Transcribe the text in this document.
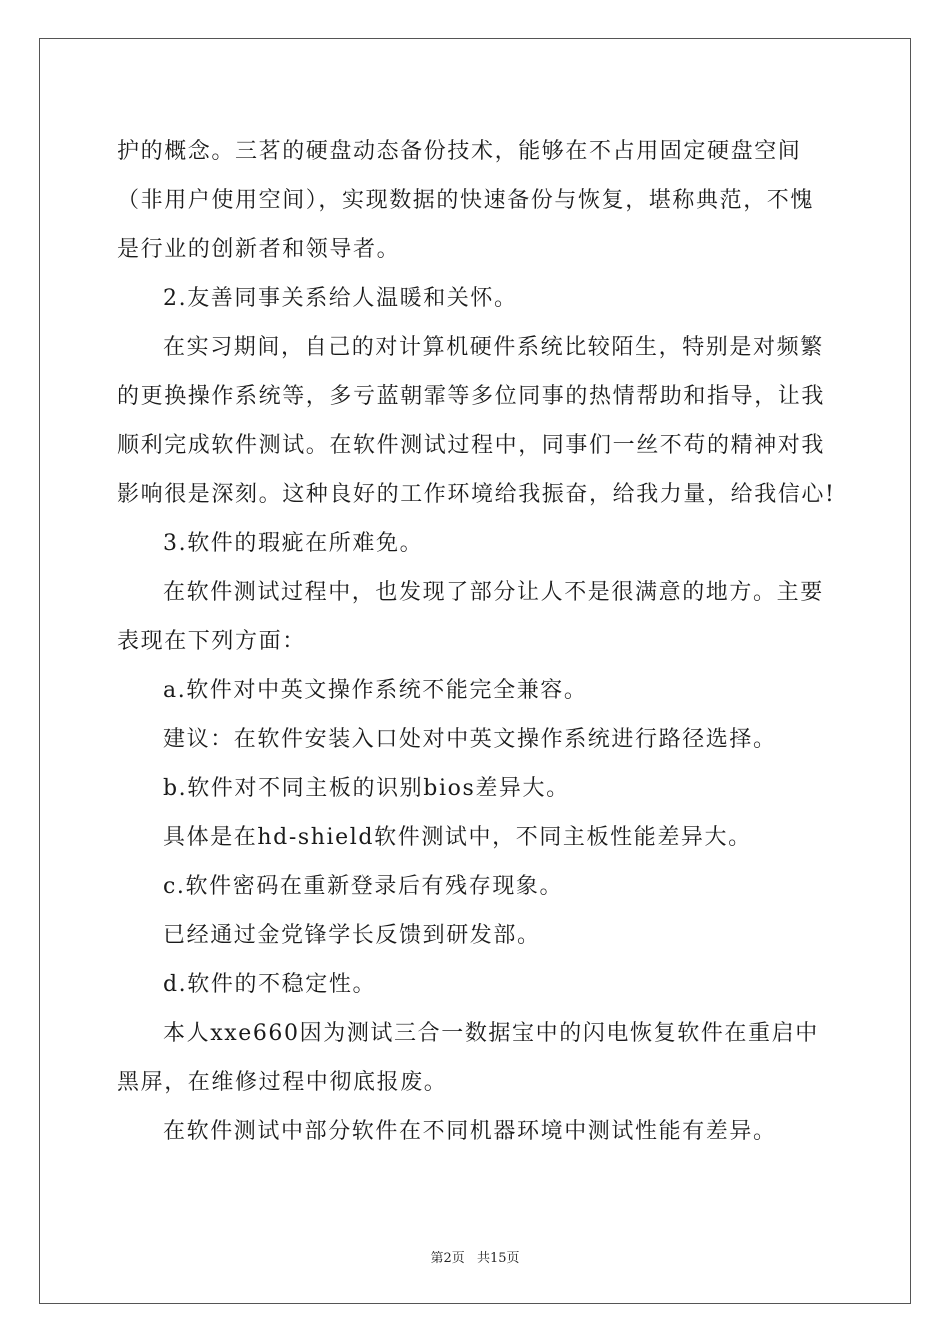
护的概念。三茗的硬盘动态备份技术，能够在不占用固定硬盘空间
（非用户使用空间），实现数据的快速备份与恢复，堪称典范，不愧
是行业的创新者和领导者。
2.友善同事关系给人温暖和关怀。
在实习期间，自己的对计算机硬件系统比较陌生，特别是对频繁
的更换操作系统等，多亏蓝朝霏等多位同事的热情帮助和指导，让我
顺利完成软件测试。在软件测试过程中，同事们一丝不苟的精神对我
影响很是深刻。这种良好的工作环境给我振奋，给我力量，给我信心!
3.软件的瑕疵在所难免。
在软件测试过程中，也发现了部分让人不是很满意的地方。主要
表现在下列方面：
a.软件对中英文操作系统不能完全兼容。
建议：在软件安装入口处对中英文操作系统进行路径选择。
b.软件对不同主板的识别bios差异大。
具体是在hd-shield软件测试中，不同主板性能差异大。
c.软件密码在重新登录后有残存现象。
已经通过金党锋学长反馈到研发部。
d.软件的不稳定性。
本人xxe660因为测试三合一数据宝中的闪电恢复软件在重启中
黑屏，在维修过程中彻底报废。
在软件测试中部分软件在不同机器环境中测试性能有差异。
第2页 共15页
